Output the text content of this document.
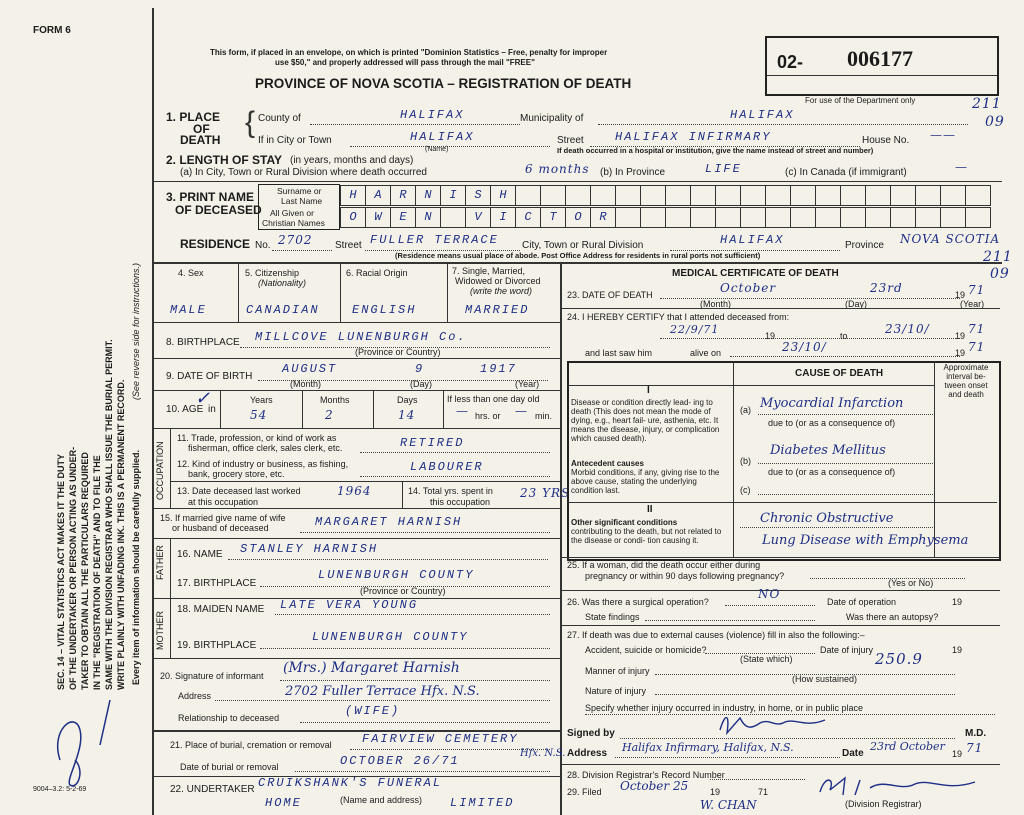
FORM 6
SEC. 14 – VITAL STATISTICS ACT MAKES IT THE DUTY OF THE UNDERTAKER OR PERSON ACTING AS UNDER- TAKER TO OBTAIN ALL THE PARTICULARS REQUIRED IN THE "REGISTRATION OF DEATH" AND TO FILE THE SAME WITH THE DIVISION REGISTRAR WHO SHALL ISSUE THE BURIAL PERMIT. WRITE PLAINLY WITH UNFADING INK. THIS IS A PERMANENT RECORD. Every item of information should be carefully supplied.
(See reverse side for instructions.)
9004–3.2: 5-2-69
This form, if placed in an envelope, on which is printed "Dominion Statistics – Free, penalty for improper
use $50," and properly addressed will pass through the mail "FREE"
PROVINCE OF NOVA SCOTIA – REGISTRATION OF DEATH
02- 006177
For use of the Department only	211
09
1. PLACE
OF
DEATH
{ County of	HALIFAX	Municipality of	HALIFAX
If in City or Town	HALIFAX
(Name)
Street	HALIFAX INFIRMARY	House No. ——
If death occurred in a hospital or institution, give the name instead of street and number)
2. LENGTH OF STAY (in years, months and days)
(a) In City, Town or Rural Division where death occurred	6 months (b) In Province	LIFE	(c) In Canada (if immigrant)	—
3. PRINT NAME
OF DECEASED
Surname or
Last Name
All Given or
Christian Names
H	A	R	N	I	S	H
O	W	E	N	V	I	C	T	O	R
RESIDENCE No. 2702 Street FULLER TERRACE City, Town or Rural Division	HALIFAX	Province NOVA SCOTIA
(Residence means usual place of abode. Post Office Address for residents in rural ports not sufficient)	211
09
4. Sex
MALE
5. Citizenship
(Nationality)
CANADIAN
6. Racial Origin
ENGLISH
7. Single, Married,
Widowed or Divorced
(write the word)
MARRIED
8. BIRTHPLACE MILLCOVE LUNENBURGH Co.
(Province or Country)
9. DATE OF BIRTH
AUGUST	9	1917
(Month)	(Day)	(Year)
10. AGE in
✓	Years	Months	Days
54	2	14
If less than one day old
— hrs. or — min.
OCCUPATION
11. Trade, profession, or kind of work as
fisherman, office clerk, sales clerk, etc.	RETIRED
12. Kind of industry or business, as fishing,
bank, grocery store, etc.	LABOURER
13. Date deceased last worked
at this occupation
1964	14. Total yrs. spent in
this occupation
23 YRS
15. If married give name of wife
or husband of deceased	MARGARET HARNISH
FATHER 16. NAME STANLEY HARNISH
17. BIRTHPLACE
LUNENBURGH COUNTY
(Province or Country)
MOTHER
18. MAIDEN NAME LATE VERA YOUNG
19. BIRTHPLACE
LUNENBURGH COUNTY
20. Signature of informant (Mrs.) Margaret Harnish
Address	2702 Fuller Terrace Hfx. N.S.
Relationship to deceased	(WIFE)
21. Place of burial, cremation or removal	FAIRVIEW CEMETERY
Hfx. N.S.
Date of burial or removal	OCTOBER 26/71
22. UNDERTAKER CRUIKSHANK'S FUNERAL
HOME	(Name and address) LIMITED
MEDICAL CERTIFICATE OF DEATH
23. DATE OF DEATH	October	23rd	19 71
(Month)	(Day)	(Year)
24. I HEREBY CERTIFY that I attended deceased from:
22/9/71	19	to	23/10/	19 71
and last saw him	alive on	23/10/	19 71
CAUSE OF DEATH
Approximate interval be- tween onset and death
I
Disease or condition directly lead- ing to death (This does not mean the mode of dying, e.g., heart fail- ure, asthenia, etc. It means the disease, injury, or complication which caused death).
(a) Myocardial Infarction
due to (or as a consequence of)
Antecedent causes
Morbid conditions, if any, giving rise to the above cause, stating the underlying condition last.
Diabetes Mellitus
(b)
due to (or as a consequence of)
(c)
II
Other significant conditions
contributing to the death, but not related to the disease or condi- tion causing it.
Chronic Obstructive
Lung Disease with Emphysema
25. If a woman, did the death occur either during
pregnancy or within 90 days following pregnancy?
(Yes or No)
26. Was there a surgical operation?
NO
Date of operation	19
State findings	Was there an autopsy?
27. If death was due to external causes (violence) fill in also the following:–
Accident, suicide or homicide?
(State which)
Date of injury	19
250.9
Manner of injury
(How sustained)
Nature of injury
Specify whether injury occurred in industry, in home, or in public place
Signed by	M.D.
Address Halifax Infirmary, Halifax, N.S.	Date
23rd October
19 71
28. Division Registrar's Record Number
29. Filed October 25 19	71
(Division Registrar)
W. CHAN
